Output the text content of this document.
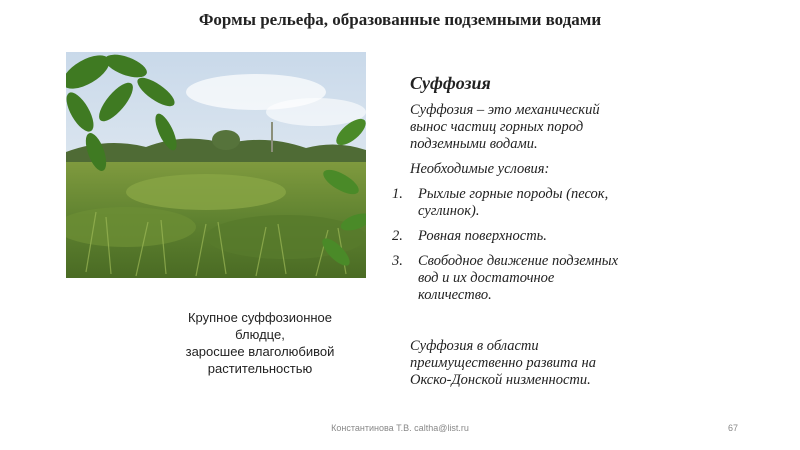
Формы рельефа, образованные подземными водами
Крупное суффозионное
блюдце,
заросшее влаголюбивой
растительностью
Суффозия

Суффозия – это механический
вынос частиц горных пород
подземными водами.

Необходимые условия:

1. Рыхлые горные породы (песок,
суглинок).
2. Ровная поверхность.
3. Свободное движение подземных
вод и их достаточное
количество.

Суффозия в области
преимущественно развита на
Окско-Донской низменности.

Константинова Т.В. caltha@list.ru	67
